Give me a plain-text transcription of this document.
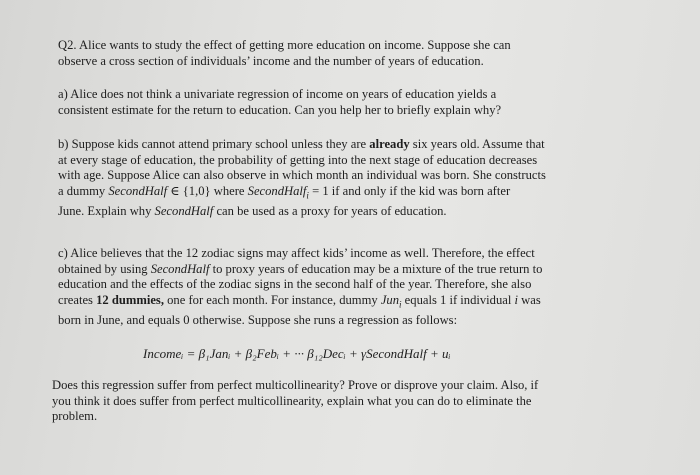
Q2. Alice wants to study the effect of getting more education on income. Suppose she can
observe a cross section of individuals’ income and the number of years of education.
a) Alice does not think a univariate regression of income on years of education yields a
consistent estimate for the return to education. Can you help her to briefly explain why?
b) Suppose kids cannot attend primary school unless they are already six years old. Assume that
at every stage of education, the probability of getting into the next stage of education decreases
with age. Suppose Alice can also observe in which month an individual was born. She constructs
a dummy SecondHalf ∈ {1,0} where SecondHalf$_i$ = 1 if and only if the kid was born after
June. Explain why SecondHalf can be used as a proxy for years of education.
c) Alice believes that the 12 zodiac signs may affect kids’ income as well. Therefore, the effect
obtained by using SecondHalf to proxy years of education may be a mixture of the true return to
education and the effects of the zodiac signs in the second half of the year. Therefore, she also
creates 12 dummies, one for each month. For instance, dummy Jun$_i$ equals 1 if individual i was
born in June, and equals 0 otherwise. Suppose she runs a regression as follows:
Incomeᵢ = β₁Janᵢ + β₂Febᵢ + ··· β₁₂Decᵢ + γSecondHalf + uᵢ
Does this regression suffer from perfect multicollinearity? Prove or disprove your claim. Also, if
you think it does suffer from perfect multicollinearity, explain what you can do to eliminate the
problem.
